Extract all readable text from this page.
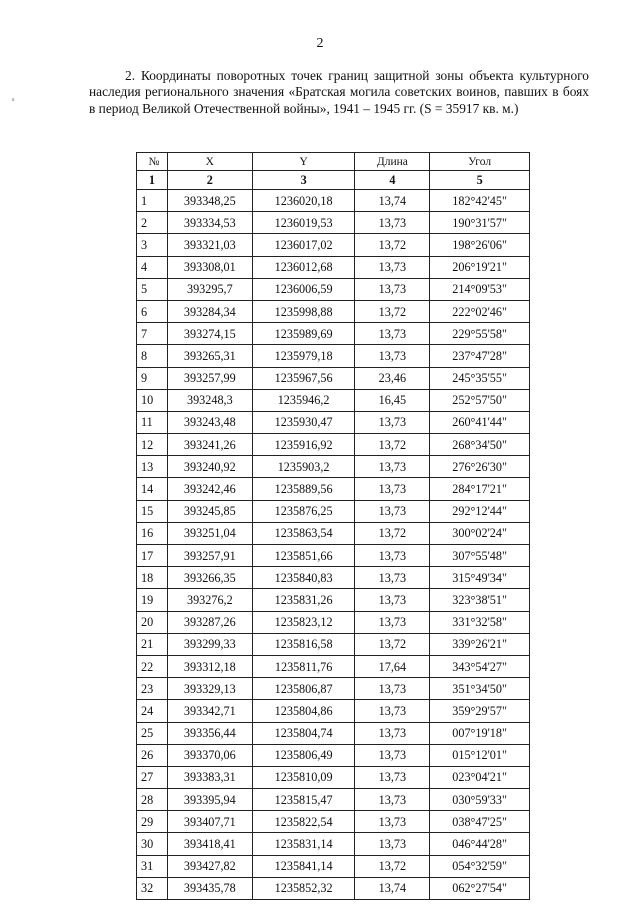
2
ˢ
2. Координаты поворотных точек границ защитной зоны объекта культурного наследия регионального значения «Братская могила советских воинов, павших в боях в период Великой Отечественной войны», 1941 – 1945 гг. (S = 35917 кв. м.)
№	X	Y	Длина	Угол
1	2	3	4	5
1	393348,25	1236020,18	13,74	182°42'45"
2	393334,53	1236019,53	13,73	190°31'57"
3	393321,03	1236017,02	13,72	198°26'06"
4	393308,01	1236012,68	13,73	206°19'21"
5	393295,7	1236006,59	13,73	214°09'53"
6	393284,34	1235998,88	13,72	222°02'46"
7	393274,15	1235989,69	13,73	229°55'58"
8	393265,31	1235979,18	13,73	237°47'28"
9	393257,99	1235967,56	23,46	245°35'55"
10	393248,3	1235946,2	16,45	252°57'50"
11	393243,48	1235930,47	13,73	260°41'44"
12	393241,26	1235916,92	13,72	268°34'50"
13	393240,92	1235903,2	13,73	276°26'30"
14	393242,46	1235889,56	13,73	284°17'21"
15	393245,85	1235876,25	13,73	292°12'44"
16	393251,04	1235863,54	13,72	300°02'24"
17	393257,91	1235851,66	13,73	307°55'48"
18	393266,35	1235840,83	13,73	315°49'34"
19	393276,2	1235831,26	13,73	323°38'51"
20	393287,26	1235823,12	13,73	331°32'58"
21	393299,33	1235816,58	13,72	339°26'21"
22	393312,18	1235811,76	17,64	343°54'27"
23	393329,13	1235806,87	13,73	351°34'50"
24	393342,71	1235804,86	13,73	359°29'57"
25	393356,44	1235804,74	13,73	007°19'18"
26	393370,06	1235806,49	13,73	015°12'01"
27	393383,31	1235810,09	13,73	023°04'21"
28	393395,94	1235815,47	13,73	030°59'33"
29	393407,71	1235822,54	13,73	038°47'25"
30	393418,41	1235831,14	13,73	046°44'28"
31	393427,82	1235841,14	13,72	054°32'59"
32	393435,78	1235852,32	13,74	062°27'54"
